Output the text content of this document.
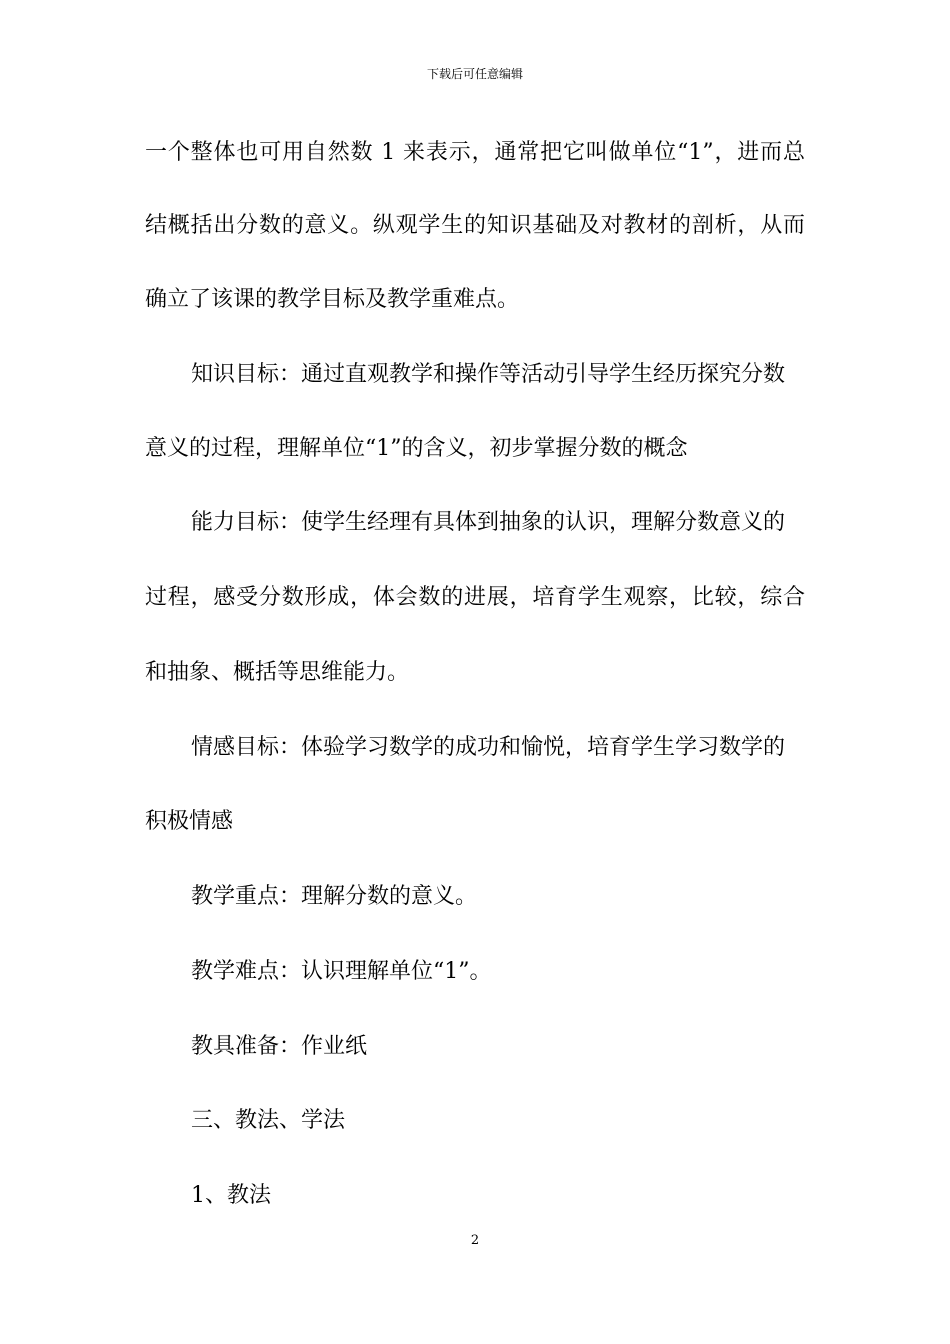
下载后可任意编辑
一个整体也可用自然数 1 来表示，通常把它叫做单位“1”，进而总
结概括出分数的意义。纵观学生的知识基础及对教材的剖析，从而
确立了该课的教学目标及教学重难点。
知识目标：通过直观教学和操作等活动引导学生经历探究分数
意义的过程，理解单位“1”的含义，初步掌握分数的概念
能力目标：使学生经理有具体到抽象的认识，理解分数意义的
过程，感受分数形成，体会数的进展，培育学生观察，比较，综合
和抽象、概括等思维能力。
情感目标：体验学习数学的成功和愉悦，培育学生学习数学的
积极情感
教学重点：理解分数的意义。
教学难点：认识理解单位“1”。
教具准备：作业纸
三、教法、学法
1、教法
2
